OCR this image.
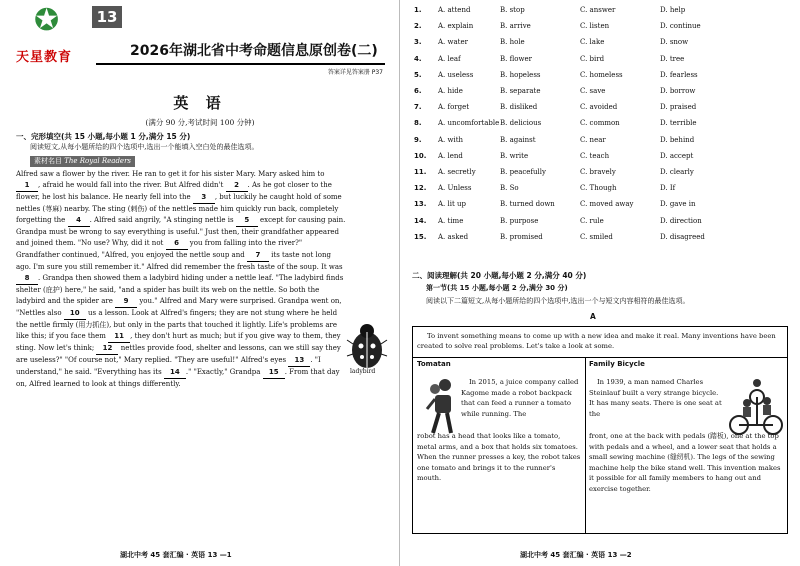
✪
天星教育
13
2026年湖北省中考命题信息原创卷(二)
答案详见答案册 P37
英 语
(满分 90 分,考试时间 100 分钟)
一、完形填空(共 15 小题,每小题 1 分,满分 15 分)

阅读短文,从每小题所给的四个选项中,选出一个能填入空白处的最佳选项。

素材名目 The Royal Readers

Alfred saw a flower by the river. He ran to get it for his sister Mary. Mary asked him to 1 , afraid he would fall into the river. But Alfred didn't 2 . As he got closer to the flower, he lost his balance. He nearly fell into the 3 , but luckily he caught hold of some nettles (荨麻) nearby. The sting (刺伤) of the nettles made him quickly run back, completely forgetting the 4 . Alfred said angrily, "A stinging nettle is 5 except for causing pain. Grandpa must be wrong to say everything is useful." Just then, their grandfather appeared and joined them. "No use? Why, did it not 6 you from falling into the river?" Grandfather continued, "Alfred, you enjoyed the nettle soup and 7 its taste not long ago. I'm sure you still remember it." Alfred did remember the fresh taste of the soup. It was 8 . Grandpa then showed them a ladybird hiding under a nettle leaf. "The ladybird finds shelter (庇护) here," he said, "and a spider has built its web on the nettle. So both the ladybird and the spider are 9 you." Alfred and Mary were surprised. Grandpa went on, "Nettles also 10 us a lesson. Look at Alfred's fingers; they are not stung where he held the nettle firmly (用力抓住), but only in the parts that touched it lightly. Life's problems are like this; if you face them 11 , they don't hurt as much; but if you give way to them, they sting. Now let's think; 12 nettles provide food, shelter and lessons, can we still say they are useless?" "Of course not," Mary replied. "They are useful!" Alfred's eyes 13 . "I understand," he said. "Everything has its 14 ." "Exactly," Grandpa 15 . From that day on, Alfred learned to look at things differently.
ladybird
湖北中考 45 套汇编 · 英语 13 —1
1.	A. attend	B. stop	C. answer	D. help
2.	A. explain	B. arrive	C. listen	D. continue
3.	A. water	B. hole	C. lake	D. snow
4.	A. leaf	B. flower	C. bird	D. tree
5.	A. useless	B. hopeless	C. homeless	D. fearless
6.	A. hide	B. separate	C. save	D. borrow
7.	A. forget	B. disliked	C. avoided	D. praised
8.	A. uncomfortable	B. delicious	C. common	D. terrible
9.	A. with	B. against	C. near	D. behind
10.	A. lend	B. write	C. teach	D. accept
11.	A. secretly	B. peacefully	C. bravely	D. clearly
12.	A. Unless	B. So	C. Though	D. If
13.	A. lit up	B. turned down	C. moved away	D. gave in
14.	A. time	B. purpose	C. rule	D. direction
15.	A. asked	B. promised	C. smiled	D. disagreed
二、阅读理解(共 20 小题,每小题 2 分,满分 40 分)
第一节(共 15 小题,每小题 2 分,满分 30 分)
阅读以下二篇短文,从每小题所给的四个选项中,选出一个与短文内容相符的最佳选项。
A
To invent something means to come up with a new idea and make it real. Many inventions have been created to solve real problems. Let's take a look at some.
Tomatan
In 2015, a juice company called Kagome made a robot backpack that can feed a runner a tomato while running. The
robot has a head that looks like a tomato, metal arms, and a box that holds six tomatoes. When the runner presses a key, the robot takes one tomato and brings it to the runner's mouth.
Family Bicycle
In 1939, a man named Charles Steinlauf built a very strange bicycle. It has many seats. There is one seat at the
front, one at the back with pedals (踏板), one at the top with pedals and a wheel, and a lower seat that holds a small sewing machine (缝纫机). The legs of the sewing machine help the bike stand well. This invention makes it possible for all family members to hang out and exercise together.
湖北中考 45 套汇编 · 英语 13 —2
